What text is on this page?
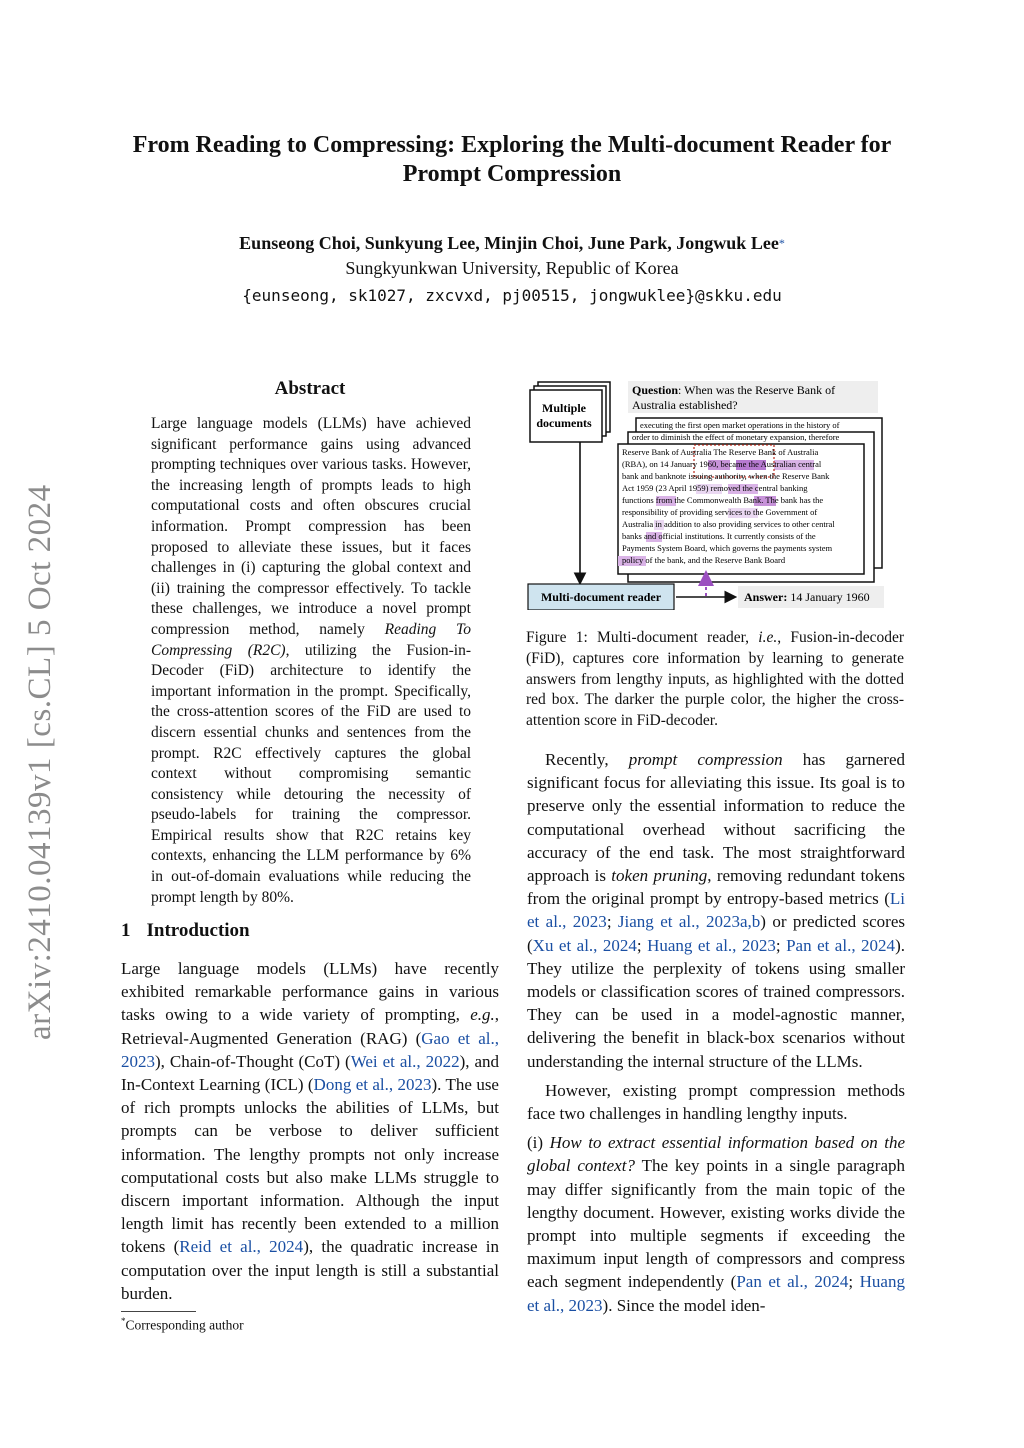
arXiv:2410.04139v1 [cs.CL] 5 Oct 2024
From Reading to Compressing: Exploring the Multi-document Reader for Prompt Compression
Eunseong Choi, Sunkyung Lee, Minjin Choi, June Park, Jongwuk Lee*
Sungkyunkwan University, Republic of Korea
{eunseong, sk1027, zxcvxd, pj00515, jongwuklee}@skku.edu
Abstract
Large language models (LLMs) have achieved significant performance gains using advanced prompting techniques over various tasks. However, the increasing length of prompts leads to high computational costs and often obscures crucial information. Prompt compression has been proposed to alleviate these issues, but it faces challenges in (i) capturing the global context and (ii) training the compressor effectively. To tackle these challenges, we introduce a novel prompt compression method, namely Reading To Compressing (R2C), utilizing the Fusion-in-Decoder (FiD) architecture to identify the important information in the prompt. Specifically, the cross-attention scores of the FiD are used to discern essential chunks and sentences from the prompt. R2C effectively captures the global context without compromising semantic consistency while detouring the necessity of pseudo-labels for training the compressor. Empirical results show that R2C retains key contexts, enhancing the LLM performance by 6% in out-of-domain evaluations while reducing the prompt length by 80%.
1 Introduction

Large language models (LLMs) have recently exhibited remarkable performance gains in various tasks owing to a wide variety of prompting, e.g., Retrieval-Augmented Generation (RAG) (Gao et al., 2023), Chain-of-Thought (CoT) (Wei et al., 2022), and In-Context Learning (ICL) (Dong et al., 2023). The use of rich prompts unlocks the abilities of LLMs, but prompts can be verbose to deliver sufficient information. The lengthy prompts not only increase computational costs but also make LLMs struggle to discern important information. Although the input length limit has recently been extended to a million tokens (Reid et al., 2024), the quadratic increase in computation over the input length is still a substantial burden.

*Corresponding author
Multiple
documents
Question: When was the Reserve Bank of
Australia established?
executing the first open market operations in the history of
order to diminish the effect of monetary expansion, therefore
Reserve Bank of Australia The Reserve Bank of Australia
(RBA), on 14 January 1960, became the Australian central
bank and banknote issuing authority, when the Reserve Bank
Act 1959 (23 April 1959) removed the central banking
functions from the Commonwealth Bank. The bank has the
responsibility of providing services to the Government of
Australia in addition to also providing services to other central
banks and official institutions. It currently consists of the
Payments System Board, which governs the payments system
policy of the bank, and the Reserve Bank Board
Multi-document reader	Answer: 14 January 1960
Figure 1: Multi-document reader, i.e., Fusion-in-decoder (FiD), captures core information by learning to generate answers from lengthy inputs, as highlighted with the dotted red box. The darker the purple color, the higher the cross-attention score in FiD-decoder.

Recently, prompt compression has garnered significant focus for alleviating this issue. Its goal is to preserve only the essential information to reduce the computational overhead without sacrificing the accuracy of the end task. The most straightforward approach is token pruning, removing redundant tokens from the original prompt by entropy-based metrics (Li et al., 2023; Jiang et al., 2023a,b) or predicted scores (Xu et al., 2024; Huang et al., 2023; Pan et al., 2024). They utilize the perplexity of tokens using smaller models or classification scores of trained compressors. They can be used in a model-agnostic manner, delivering the benefit in black-box scenarios without understanding the internal structure of the LLMs.

However, existing prompt compression methods face two challenges in handling lengthy inputs.

(i) How to extract essential information based on the global context? The key points in a single paragraph may differ significantly from the main topic of the lengthy document. However, existing works divide the prompt into multiple segments if exceeding the maximum input length of compressors and compress each segment independently (Pan et al., 2024; Huang et al., 2023). Since the model iden-
